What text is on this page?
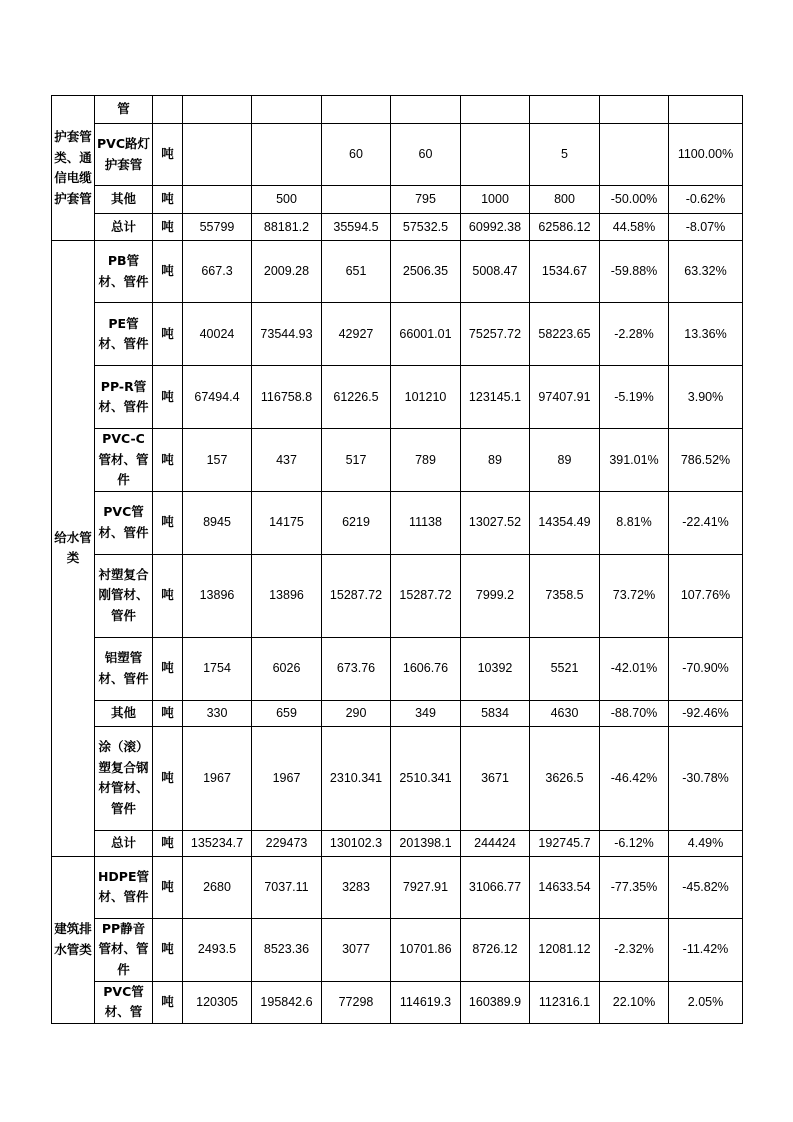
护套管类、通信电缆护套管	管									
	PVC路灯护套管	吨			60	60		5		1100.00%
	其他	吨		500		795	1000	800	-50.00%	-0.62%
	总计	吨	55799	88181.2	35594.5	57532.5	60992.38	62586.12	44.58%	-8.07%
给水管类	PB管材、管件	吨	667.3	2009.28	651	2506.35	5008.47	1534.67	-59.88%	63.32%
	PE管材、管件	吨	40024	73544.93	42927	66001.01	75257.72	58223.65	-2.28%	13.36%
	PP-R管材、管件	吨	67494.4	116758.8	61226.5	101210	123145.1	97407.91	-5.19%	3.90%
	PVC-C管材、管件	吨	157	437	517	789	89	89	391.01%	786.52%
	PVC管材、管件	吨	8945	14175	6219	11138	13027.52	14354.49	8.81%	-22.41%
	衬塑复合刚管材、管件	吨	13896	13896	15287.72	15287.72	7999.2	7358.5	73.72%	107.76%
	铝塑管材、管件	吨	1754	6026	673.76	1606.76	10392	5521	-42.01%	-70.90%
	其他	吨	330	659	290	349	5834	4630	-88.70%	-92.46%
	涂（滚）塑复合钢材管材、管件	吨	1967	1967	2310.341	2510.341	3671	3626.5	-46.42%	-30.78%
	总计	吨	135234.7	229473	130102.3	201398.1	244424	192745.7	-6.12%	4.49%
建筑排水管类	HDPE管材、管件	吨	2680	7037.11	3283	7927.91	31066.77	14633.54	-77.35%	-45.82%
	PP静音管材、管件	吨	2493.5	8523.36	3077	10701.86	8726.12	12081.12	-2.32%	-11.42%
	PVC管材、管	吨	120305	195842.6	77298	114619.3	160389.9	112316.1	22.10%	2.05%
